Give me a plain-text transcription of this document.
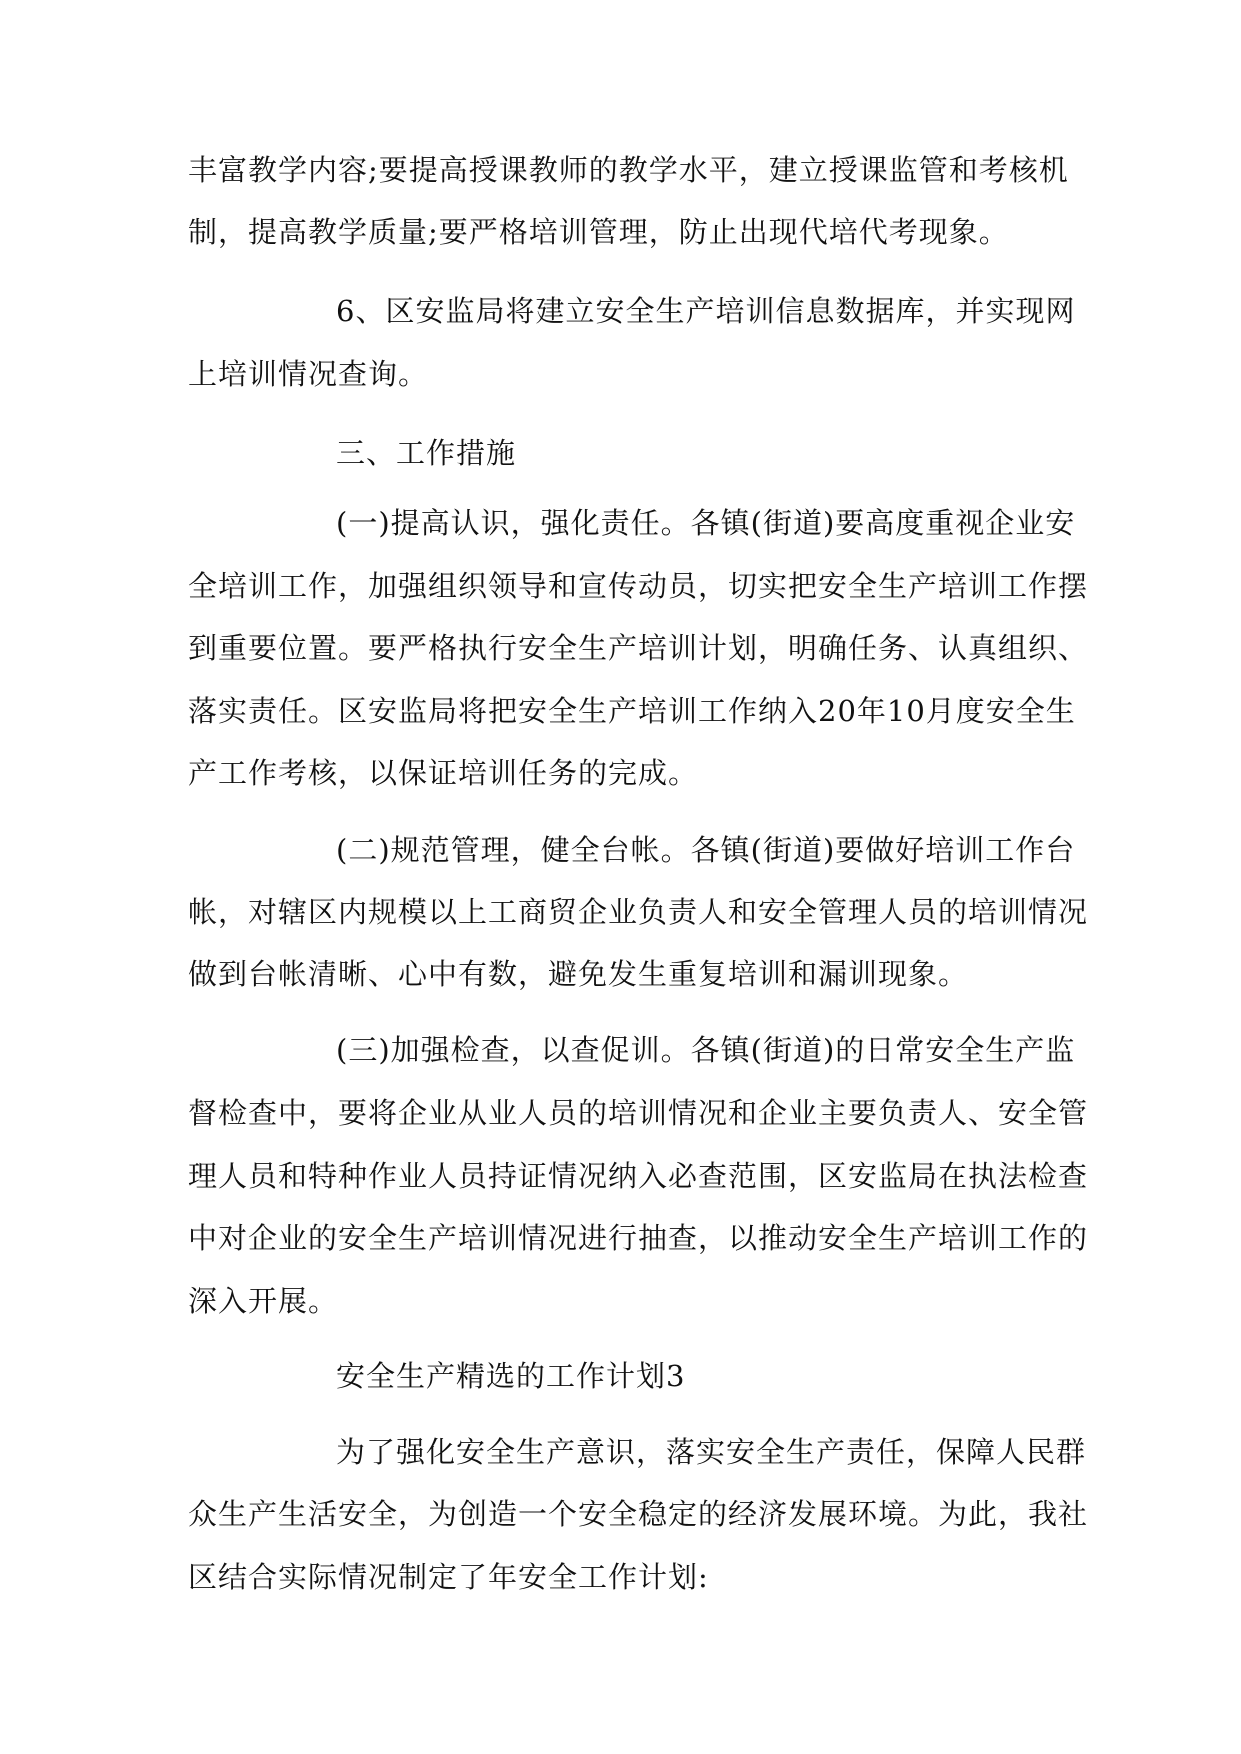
丰富教学内容;要提高授课教师的教学水平，建立授课监管和考核机
制，提高教学质量;要严格培训管理，防止出现代培代考现象。
6、区安监局将建立安全生产培训信息数据库，并实现网
上培训情况查询。
三、工作措施
(一)提高认识，强化责任。各镇(街道)要高度重视企业安
全培训工作，加强组织领导和宣传动员，切实把安全生产培训工作摆
到重要位置。要严格执行安全生产培训计划，明确任务、认真组织、
落实责任。区安监局将把安全生产培训工作纳入20年10月度安全生
产工作考核，以保证培训任务的完成。
(二)规范管理，健全台帐。各镇(街道)要做好培训工作台
帐，对辖区内规模以上工商贸企业负责人和安全管理人员的培训情况
做到台帐清晰、心中有数，避免发生重复培训和漏训现象。
(三)加强检查，以查促训。各镇(街道)的日常安全生产监
督检查中，要将企业从业人员的培训情况和企业主要负责人、安全管
理人员和特种作业人员持证情况纳入必查范围，区安监局在执法检查
中对企业的安全生产培训情况进行抽查，以推动安全生产培训工作的
深入开展。
安全生产精选的工作计划3
为了强化安全生产意识，落实安全生产责任，保障人民群
众生产生活安全，为创造一个安全稳定的经济发展环境。为此，我社
区结合实际情况制定了年安全工作计划:
